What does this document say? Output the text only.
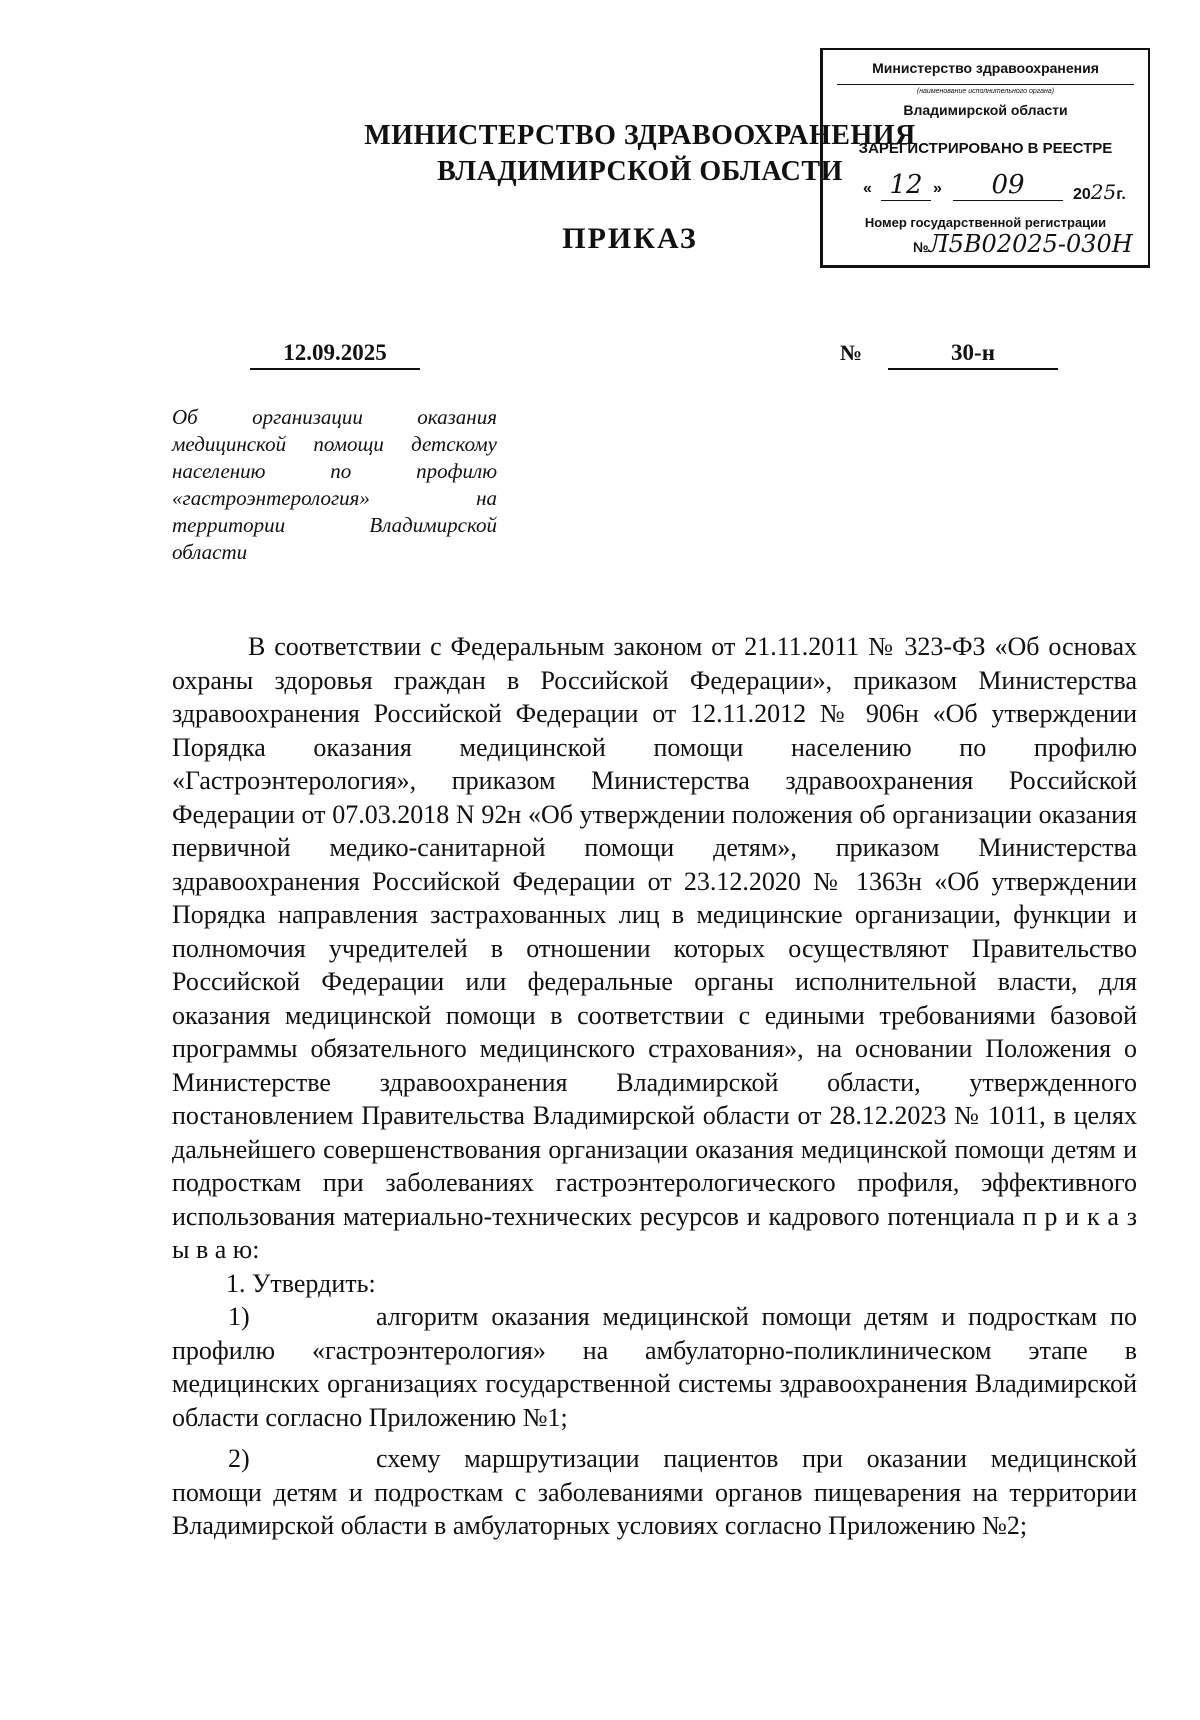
Министерство здравоохранения
(наименование исполнительного органа)
Владимирской области
ЗАРЕГИСТРИРОВАНО В РЕЕСТРЕ
« 12 »	09	2025г.
Номер государственной регистрации
№Л5В02025-030Н
МИНИСТЕРСТВО ЗДРАВООХРАНЕНИЯ
ВЛАДИМИРСКОЙ ОБЛАСТИ
ПРИКАЗ
12.09.2025	№	30-н
Об организации оказания медицинской помощи детскому населению по профилю «гастроэнтерология» на территории Владимирской области

В соответствии с Федеральным законом от 21.11.2011 № 323-ФЗ «Об основах охраны здоровья граждан в Российской Федерации», приказом Министерства здравоохранения Российской Федерации от 12.11.2012 № 906н «Об утверждении Порядка оказания медицинской помощи населению по профилю «Гастроэнтерология», приказом Министерства здравоохранения Российской Федерации от 07.03.2018 N 92н «Об утверждении положения об организации оказания первичной медико-санитарной помощи детям», приказом Министерства здравоохранения Российской Федерации от 23.12.2020 № 1363н «Об утверждении Порядка направления застрахованных лиц в медицинские организации, функции и полномочия учредителей в отношении которых осуществляют Правительство Российской Федерации или федеральные органы исполнительной власти, для оказания медицинской помощи в соответствии с едиными требованиями базовой программы обязательного медицинского страхования», на основании Положения о Министерстве здравоохранения Владимирской области, утвержденного постановлением Правительства Владимирской области от 28.12.2023 № 1011, в целях дальнейшего совершенствования организации оказания медицинской помощи детям и подросткам при заболеваниях гастроэнтерологического профиля, эффективного использования материально-технических ресурсов и кадрового потенциала п р и к а з ы в а ю:

1. Утвердить:

1)	алгоритм оказания медицинской помощи детям и подросткам по профилю «гастроэнтерология» на амбулаторно-поликлиническом этапе в медицинских организациях государственной системы здравоохранения Владимирской области согласно Приложению №1;

2)	схему маршрутизации пациентов при оказании медицинской помощи детям и подросткам с заболеваниями органов пищеварения на территории Владимирской области в амбулаторных условиях согласно Приложению №2;
